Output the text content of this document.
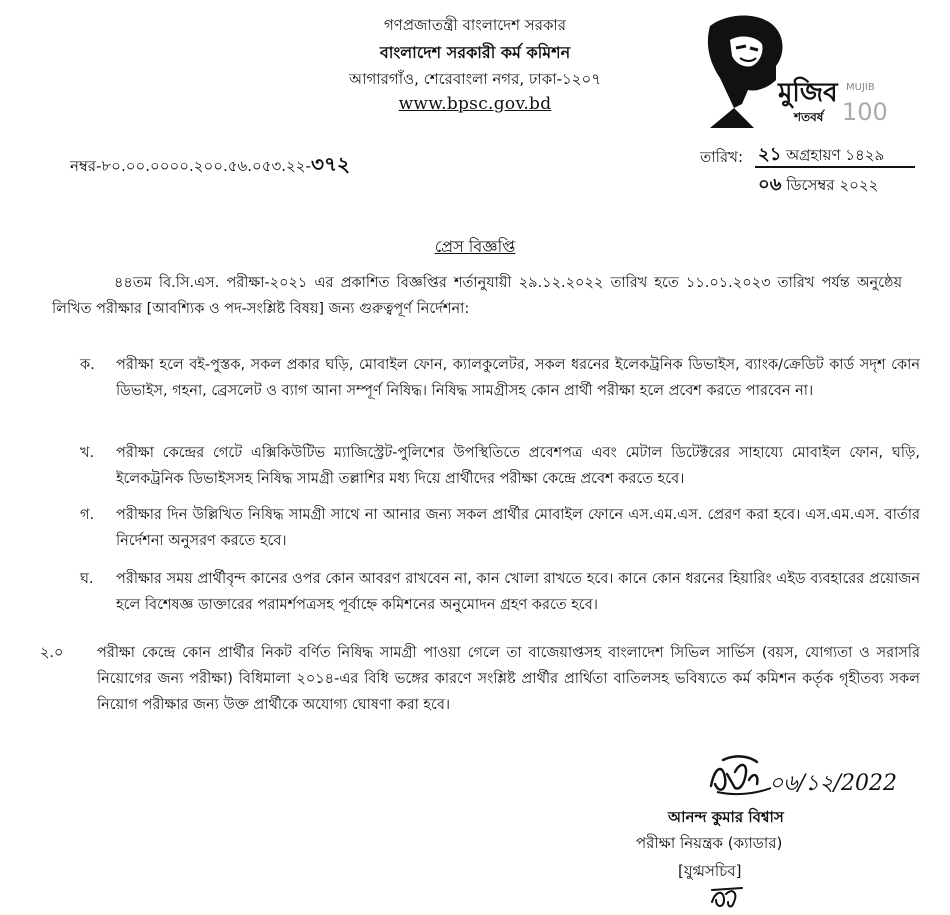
গণপ্রজাতন্ত্রী বাংলাদেশ সরকার
বাংলাদেশ সরকারী কর্ম কমিশন
আগারগাঁও, শেরেবাংলা নগর, ঢাকা-১২০৭
www.bpsc.gov.bd	মুজিব
শতবর্ষ
MUJIB
100
নম্বর-৮০.০০.০০০০.২০০.৫৬.০৫৩.২২-৩৭২	তারিখ: ২১ অগ্রহায়ণ ১৪২৯
০৬ ডিসেম্বর ২০২২
প্রেস বিজ্ঞপ্তি
৪৪তম বি.সি.এস. পরীক্ষা-২০২১ এর প্রকাশিত বিজ্ঞপ্তির শর্তানুযায়ী ২৯.১২.২০২২ তারিখ হতে ১১.০১.২০২৩ তারিখ পর্যন্ত অনুষ্ঠেয় লিখিত পরীক্ষার [আবশ্যিক ও পদ-সংশ্লিষ্ট বিষয়] জন্য গুরুত্বপূর্ণ নির্দেশনা:
ক.	পরীক্ষা হলে বই-পুস্তক, সকল প্রকার ঘড়ি, মোবাইল ফোন, ক্যালকুলেটর, সকল ধরনের ইলেকট্রনিক ডিভাইস, ব্যাংক/ক্রেডিট কার্ড সদৃশ কোন ডিভাইস, গহনা, ব্রেসলেট ও ব্যাগ আনা সম্পূর্ণ নিষিদ্ধ। নিষিদ্ধ সামগ্রীসহ কোন প্রার্থী পরীক্ষা হলে প্রবেশ করতে পারবেন না।
খ.	পরীক্ষা কেন্দ্রের গেটে এক্সিকিউটিভ ম্যাজিস্ট্রেট-পুলিশের উপস্থিতিতে প্রবেশপত্র এবং মেটাল ডিটেক্টরের সাহায্যে মোবাইল ফোন, ঘড়ি, ইলেকট্রনিক ডিভাইসসহ নিষিদ্ধ সামগ্রী তল্লাশির মধ্য দিয়ে প্রার্থীদের পরীক্ষা কেন্দ্রে প্রবেশ করতে হবে।
গ.	পরীক্ষার দিন উল্লিখিত নিষিদ্ধ সামগ্রী সাথে না আনার জন্য সকল প্রার্থীর মোবাইল ফোনে এস.এম.এস. প্রেরণ করা হবে। এস.এম.এস. বার্তার নির্দেশনা অনুসরণ করতে হবে।
ঘ.	পরীক্ষার সময় প্রার্থীবৃন্দ কানের ওপর কোন আবরণ রাখবেন না, কান খোলা রাখতে হবে। কানে কোন ধরনের হিয়ারিং এইড ব্যবহারের প্রয়োজন হলে বিশেষজ্ঞ ডাক্তারের পরামর্শপত্রসহ পূর্বাহ্নে কমিশনের অনুমোদন গ্রহণ করতে হবে।
২.০ পরীক্ষা কেন্দ্রে কোন প্রার্থীর নিকট বর্ণিত নিষিদ্ধ সামগ্রী পাওয়া গেলে তা বাজেয়াপ্তসহ বাংলাদেশ সিভিল সার্ভিস (বয়স, যোগ্যতা ও সরাসরি নিয়োগের জন্য পরীক্ষা) বিধিমালা ২০১৪-এর বিধি ভঙ্গের কারণে সংশ্লিষ্ট প্রার্থীর প্রার্থিতা বাতিলসহ ভবিষ্যতে কর্ম কমিশন কর্তৃক গৃহীতব্য সকল নিয়োগ পরীক্ষার জন্য উক্ত প্রার্থীকে অযোগ্য ঘোষণা করা হবে।
০৬/১২/2022
আনন্দ কুমার বিশ্বাস
পরীক্ষা নিয়ন্ত্রক (ক্যাডার)
[যুগ্মসচিব]
